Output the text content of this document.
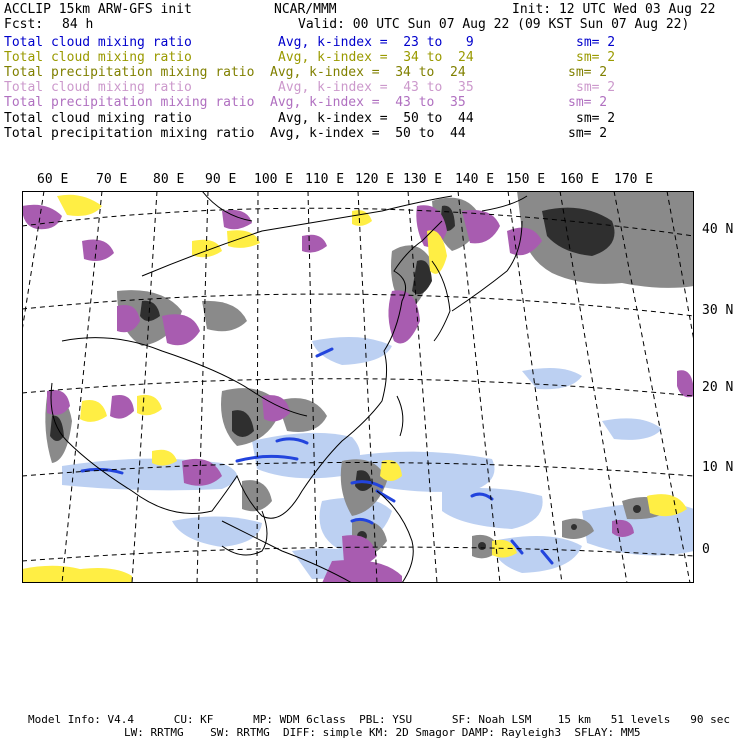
ACCLIP 15km ARW-GFS init	NCAR/MMM	Init: 12 UTC Wed 03 Aug 22
Fcst: 84 h	Valid: 00 UTC Sun 07 Aug 22 (09 KST Sun 07 Aug 22)
Total cloud mixing ratio	Avg, k-index =  23 to   9	sm= 2
Total cloud mixing ratio	Avg, k-index =  34 to  24	sm= 2
Total precipitation mixing ratio Avg, k-index =  34 to  24	sm= 2
Total cloud mixing ratio	Avg, k-index =  43 to  35	sm= 2
Total precipitation mixing ratio Avg, k-index =  43 to  35	sm= 2
Total cloud mixing ratio	Avg, k-index =  50 to  44	sm= 2
Total precipitation mixing ratio Avg, k-index =  50 to  44	sm= 2
60 E 70 E 80 E 90 E 100 E 110 E 120 E 130 E 140 E 150 E 160 E 170 E
40 N
30 N
20 N
10 N
0
Model Info: V4.4      CU: KF      MP: WDM 6class  PBL: YSU      SF: Noah LSM    15 km   51 levels   90 sec
LW: RRTMG    SW: RRTMG  DIFF: simple KM: 2D Smagor DAMP: Rayleigh3  SFLAY: MM5
